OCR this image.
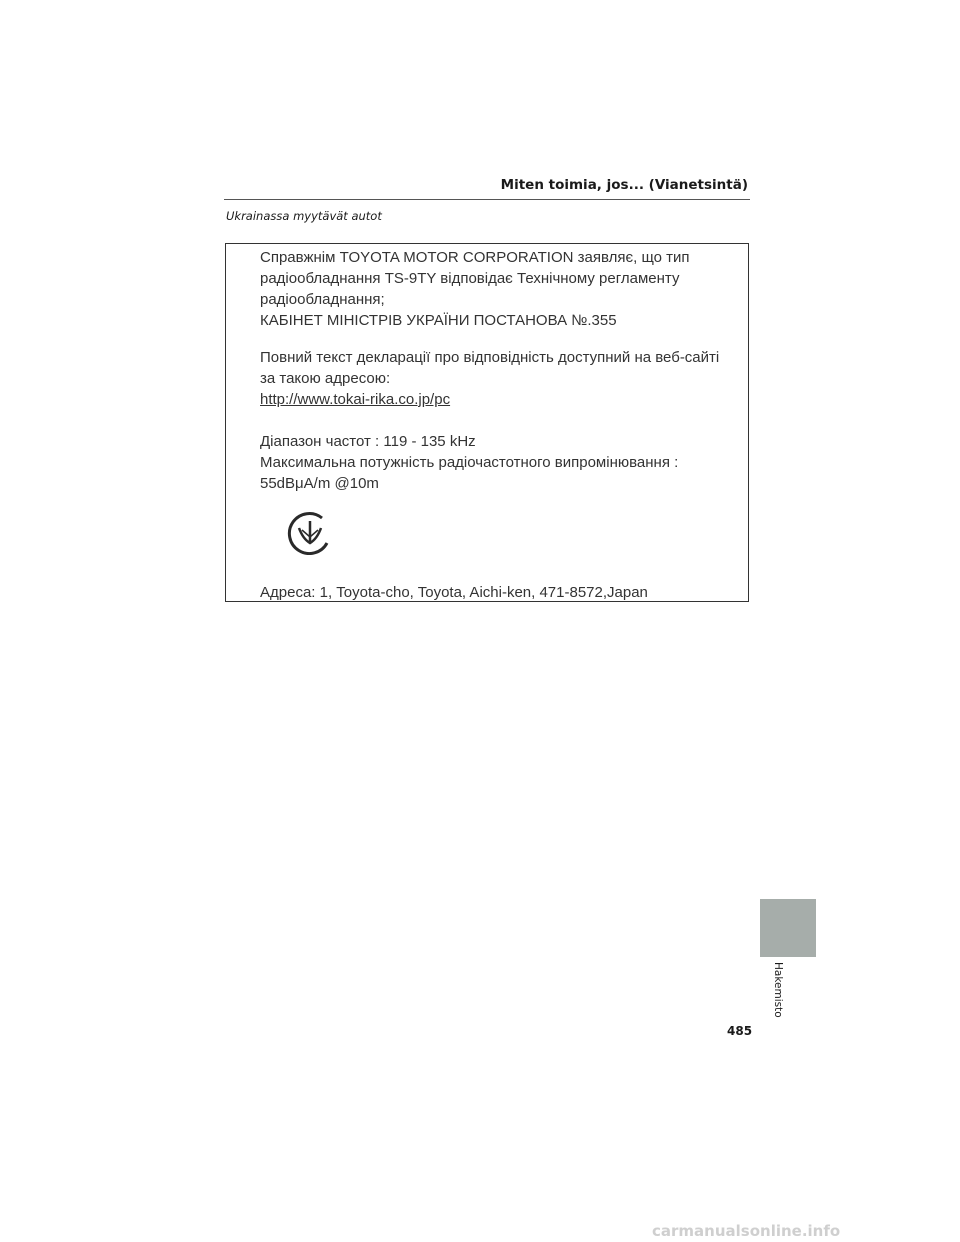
Miten toimia, jos... (Vianetsintä)
Ukrainassa myytävät autot
Справжнім TOYOTA MOTOR CORPORATION заявляє, що тип
радіообладнання TS-9TY відповідає Технічному регламенту
радіообладнання;
КАБІНЕТ МІНІСТРІВ УКРАЇНИ ПОСТАНОВА №.355
Повний текст декларації про відповідність доступний на веб-сайті
за такою адресою:
http://www.tokai-rika.co.jp/pc
Діапазон частот : 119 - 135 kHz
Максимальна потужність радіочастотного випромінювання :
55dBμA/m @10m
Адреса: 1, Toyota-cho, Toyota, Aichi-ken, 471-8572,Japan
Hakemisto
485
carmanualsonline.info
